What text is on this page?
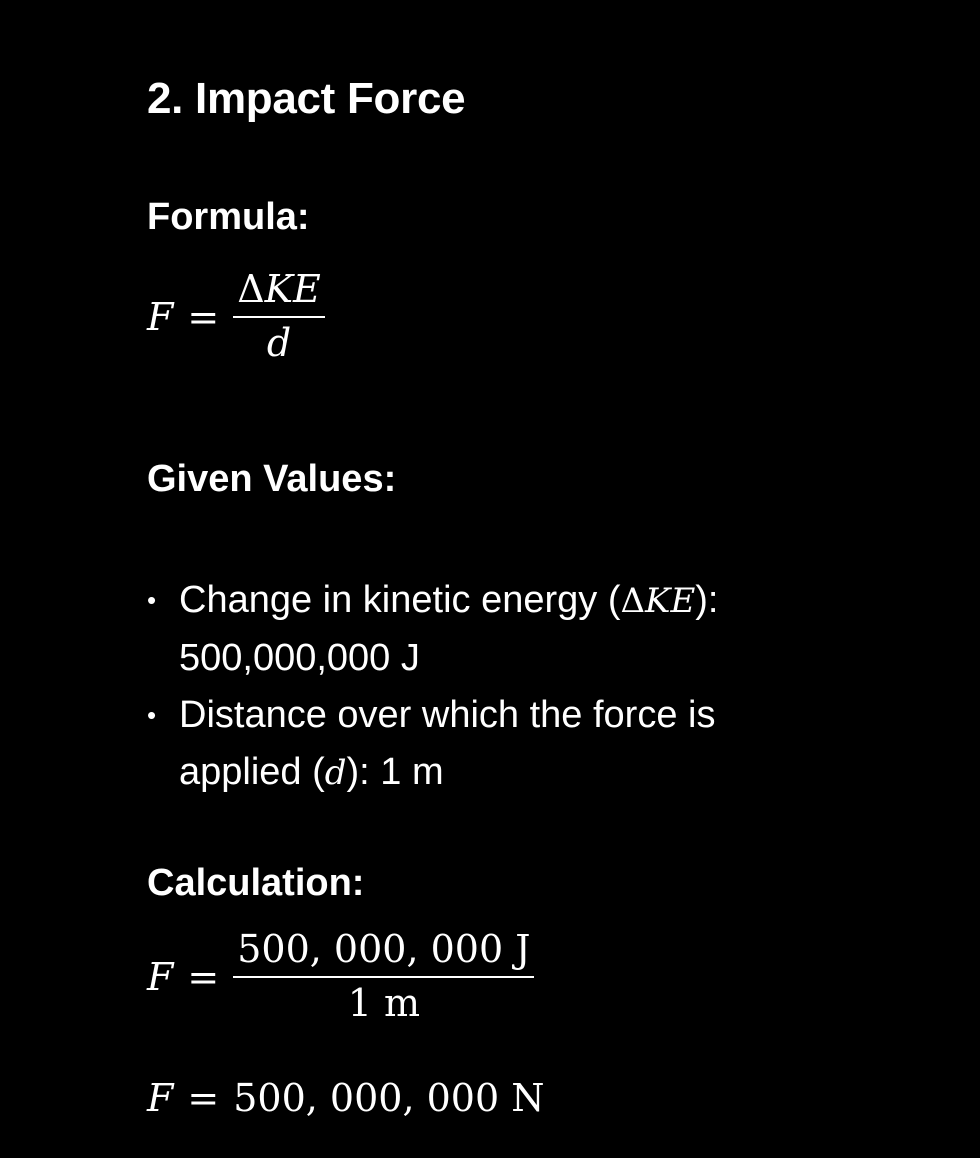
2. Impact Force
Formula:
$F = \frac{\text{ΔKE}}{d}$
Given Values:
• Change in kinetic energy (ΔKE):
500,000,000 J
• Distance over which the force is applied (d): 1 m
Calculation:
$F = \frac{500, 000, 000 J}{1 m}$
F = 500, 000, 000 N
